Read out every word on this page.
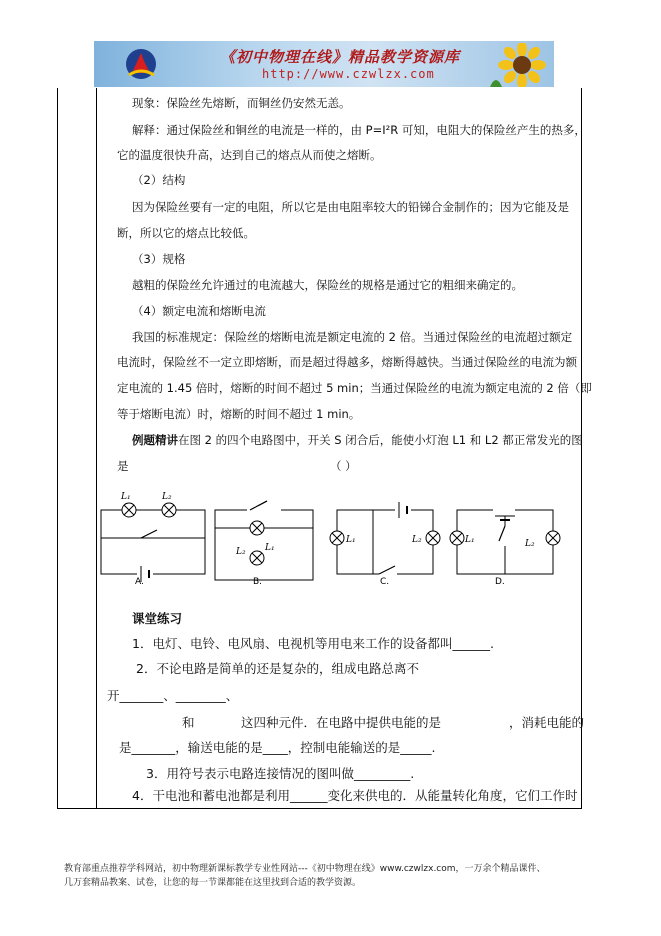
《初中物理在线》精品教学资源库
http://www.czwlzx.com
现象：保险丝先熔断，而铜丝仍安然无恙。
解释：通过保险丝和铜丝的电流是一样的，由 P=I²R 可知，电阻大的保险丝产生的热多，
它的温度很快升高，达到自己的熔点从而使之熔断。
（2）结构
因为保险丝要有一定的电阻，所以它是由电阻率较大的铅锑合金制作的；因为它能及是
断，所以它的熔点比较低。
（3）规格
越粗的保险丝允许通过的电流越大，保险丝的规格是通过它的粗细来确定的。
（4）额定电流和熔断电流
我国的标准规定：保险丝的熔断电流是额定电流的 2 倍。当通过保险丝的电流超过额定
电流时，保险丝不一定立即熔断，而是超过得越多，熔断得越快。当通过保险丝的电流为额
定电流的 1.45 倍时，熔断的时间不超过 5 min；当通过保险丝的电流为额定电流的 2 倍（即
等于熔断电流）时，熔断的时间不超过 1 min。
例题精讲在图 2 的四个电路图中，开关 S 闭合后，能使小灯泡 L1 和 L2 都正常发光的图
是	（ ）
L₁	L₂
L₁
L₂
L₁	L₂	L₁	L₂
A.	B.	C.	D.
课堂练习
1．电灯、电铃、电风扇、电视机等用电来工作的设备都叫______.
2．不论电路是简单的还是复杂的，组成电路总离不
开_______、________、
和	这四种元件．在电路中提供电能的是	，消耗电能的
是_______，输送电能的是____，控制电能输送的是_____.
3．用符号表示电路连接情况的图叫做_________.
4．干电池和蓄电池都是利用______变化来供电的．从能量转化角度，它们工作时
教育部重点推荐学科网站，初中物理新课标教学专业性网站---《初中物理在线》www.czwlzx.com，一万余个精品课件、
几万套精品教案、试卷，让您的每一节课都能在这里找到合适的教学资源。
